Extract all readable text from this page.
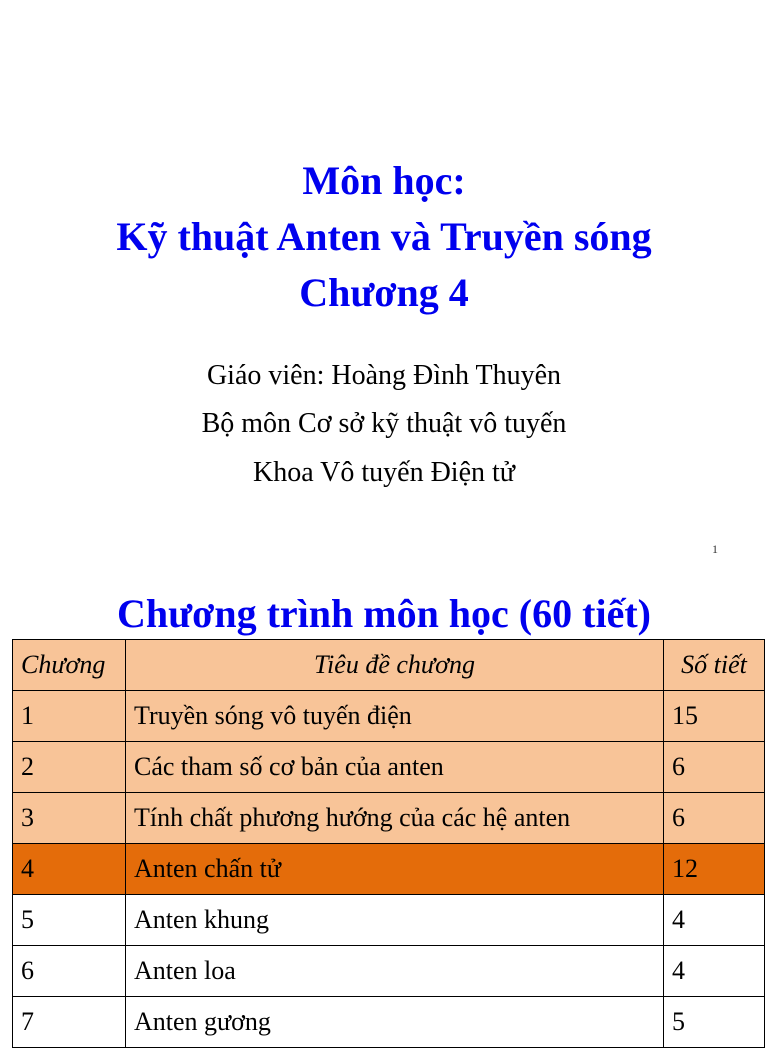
Môn học:
Kỹ thuật Anten và Truyền sóng
Chương 4
Giáo viên: Hoàng Đình Thuyên
Bộ môn Cơ sở kỹ thuật vô tuyến
Khoa Vô tuyến Điện tử
1
Chương trình môn học (60 tiết)
Chương	Tiêu đề chương	Số tiết
1	Truyền sóng vô tuyến điện	15
2	Các tham số cơ bản của anten	6
3	Tính chất phương hướng của các hệ anten	6
4	Anten chấn tử	12
5	Anten khung	4
6	Anten loa	4
7	Anten gương	5
